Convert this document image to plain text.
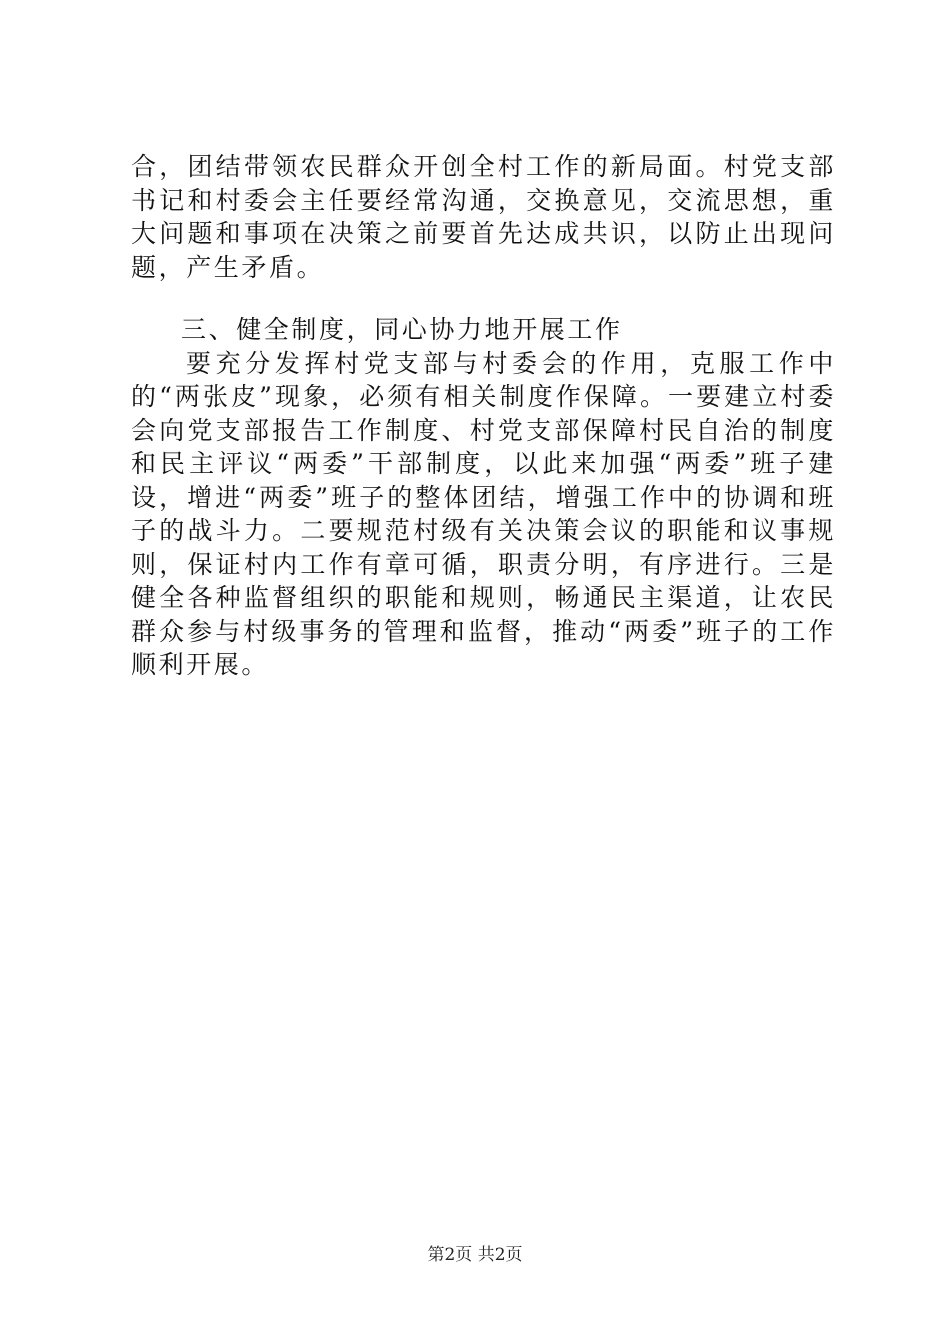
合，团结带领农民群众开创全村工作的新局面。村党支部书记和村委会主任要经常沟通，交换意见，交流思想，重大问题和事项在决策之前要首先达成共识，以防止出现问题，产生矛盾。

三、健全制度，同心协力地开展工作

要充分发挥村党支部与村委会的作用，克服工作中的“两张皮”现象，必须有相关制度作保障。一要建立村委会向党支部报告工作制度、村党支部保障村民自治的制度和民主评议“两委”干部制度，以此来加强“两委”班子建设，增进“两委”班子的整体团结，增强工作中的协调和班子的战斗力。二要规范村级有关决策会议的职能和议事规则，保证村内工作有章可循，职责分明，有序进行。三是健全各种监督组织的职能和规则，畅通民主渠道，让农民群众参与村级事务的管理和监督，推动“两委”班子的工作顺利开展。

第2页 共2页
